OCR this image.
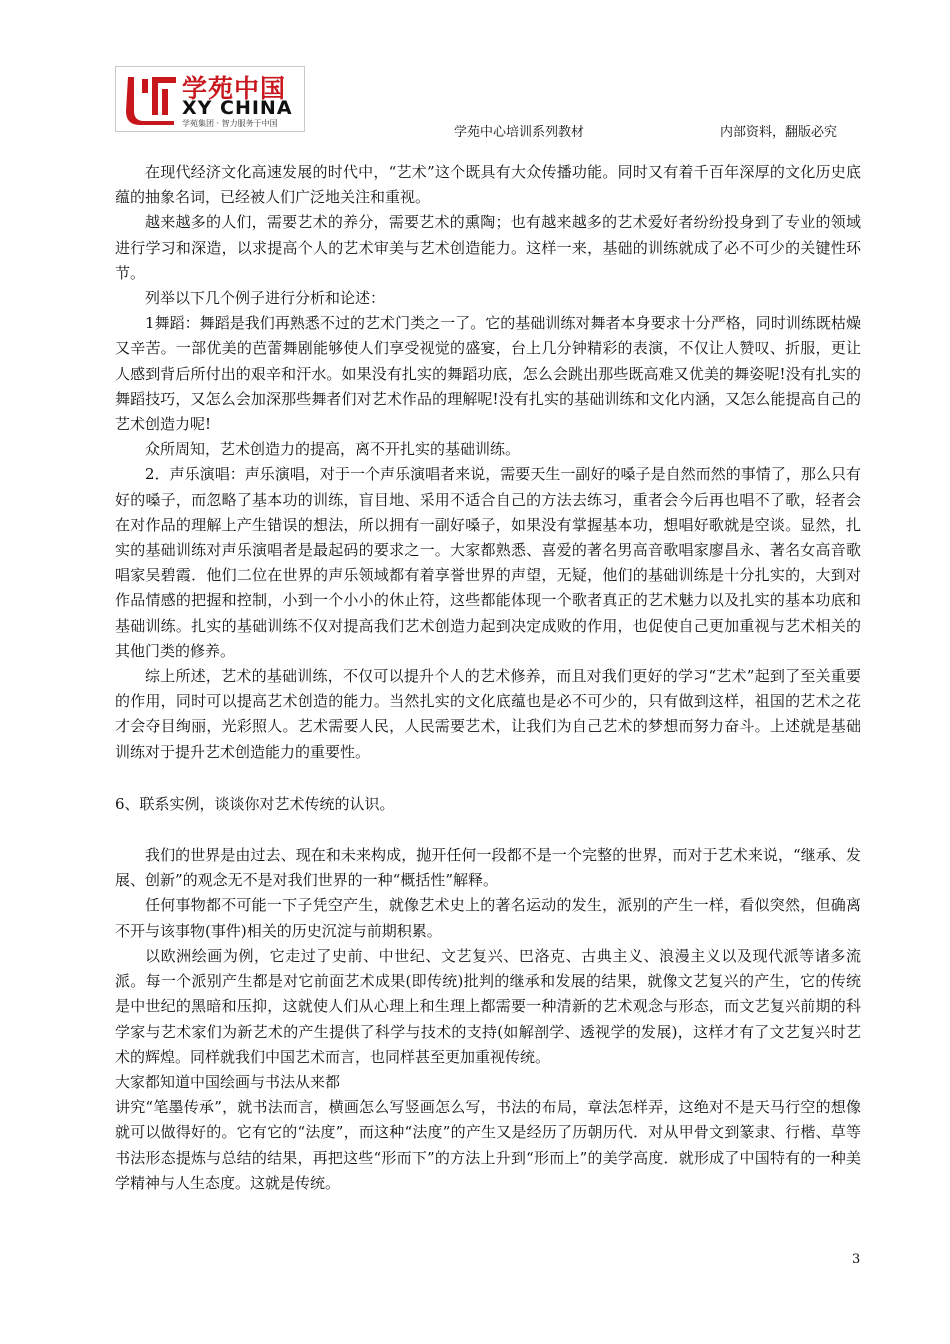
学苑中国
XY CHINA
学苑集团 · 智力服务于中国
学苑中心培训系列教材	内部资料，翻版必究

在现代经济文化高速发展的时代中，“艺术”这个既具有大众传播功能。同时又有着千百年深厚的文化历史底蕴的抽象名词，已经被人们广泛地关注和重视。

越来越多的人们，需要艺术的养分，需要艺术的熏陶；也有越来越多的艺术爱好者纷纷投身到了专业的领域进行学习和深造，以求提高个人的艺术审美与艺术创造能力。这样一来，基础的训练就成了必不可少的关键性环节。

列举以下几个例子进行分析和论述：

1舞蹈：舞蹈是我们再熟悉不过的艺术门类之一了。它的基础训练对舞者本身要求十分严格，同时训练既枯燥又辛苦。一部优美的芭蕾舞剧能够使人们享受视觉的盛宴，台上几分钟精彩的表演，不仅让人赞叹、折服，更让人感到背后所付出的艰辛和汗水。如果没有扎实的舞蹈功底，怎么会跳出那些既高难又优美的舞姿呢!没有扎实的舞蹈技巧，又怎么会加深那些舞者们对艺术作品的理解呢!没有扎实的基础训练和文化内涵，又怎么能提高自己的艺术创造力呢!

众所周知，艺术创造力的提高，离不开扎实的基础训练。

2．声乐演唱：声乐演唱，对于一个声乐演唱者来说，需要天生一副好的嗓子是自然而然的事情了，那么只有好的嗓子，而忽略了基本功的训练，盲目地、采用不适合自己的方法去练习，重者会今后再也唱不了歌，轻者会在对作品的理解上产生错误的想法，所以拥有一副好嗓子，如果没有掌握基本功，想唱好歌就是空谈。显然，扎实的基础训练对声乐演唱者是最起码的要求之一。大家都熟悉、喜爱的著名男高音歌唱家廖昌永、著名女高音歌唱家吴碧霞．他们二位在世界的声乐领域都有着享誉世界的声望，无疑，他们的基础训练是十分扎实的，大到对作品情感的把握和控制，小到一个小小的休止符，这些都能体现一个歌者真正的艺术魅力以及扎实的基本功底和基础训练。扎实的基础训练不仅对提高我们艺术创造力起到决定成败的作用，也促使自己更加重视与艺术相关的其他门类的修养。

综上所述，艺术的基础训练，不仅可以提升个人的艺术修养，而且对我们更好的学习“艺术”起到了至关重要的作用，同时可以提高艺术创造的能力。当然扎实的文化底蕴也是必不可少的，只有做到这样，祖国的艺术之花才会夺目绚丽，光彩照人。艺术需要人民，人民需要艺术，让我们为自己艺术的梦想而努力奋斗。上述就是基础训练对于提升艺术创造能力的重要性。

6、联系实例，谈谈你对艺术传统的认识。

我们的世界是由过去、现在和未来构成，抛开任何一段都不是一个完整的世界，而对于艺术来说，“继承、发展、创新”的观念无不是对我们世界的一种“概括性”解释。

任何事物都不可能一下子凭空产生，就像艺术史上的著名运动的发生，派别的产生一样，看似突然，但确离不开与该事物(事件)相关的历史沉淀与前期积累。

以欧洲绘画为例，它走过了史前、中世纪、文艺复兴、巴洛克、古典主义、浪漫主义以及现代派等诸多流派。每一个派别产生都是对它前面艺术成果(即传统)批判的继承和发展的结果，就像文艺复兴的产生，它的传统是中世纪的黑暗和压抑，这就使人们从心理上和生理上都需要一种清新的艺术观念与形态，而文艺复兴前期的科学家与艺术家们为新艺术的产生提供了科学与技术的支持(如解剖学、透视学的发展)，这样才有了文艺复兴时艺术的辉煌。同样就我们中国艺术而言，也同样甚至更加重视传统。

大家都知道中国绘画与书法从来都

讲究“笔墨传承”，就书法而言，横画怎么写竖画怎么写，书法的布局，章法怎样弄，这绝对不是天马行空的想像就可以做得好的。它有它的“法度”，而这种“法度”的产生又是经历了历朝历代．对从甲骨文到篆隶、行楷、草等书法形态提炼与总结的结果，再把这些“形而下”的方法上升到“形而上”的美学高度．就形成了中国特有的一种美学精神与人生态度。这就是传统。

3
